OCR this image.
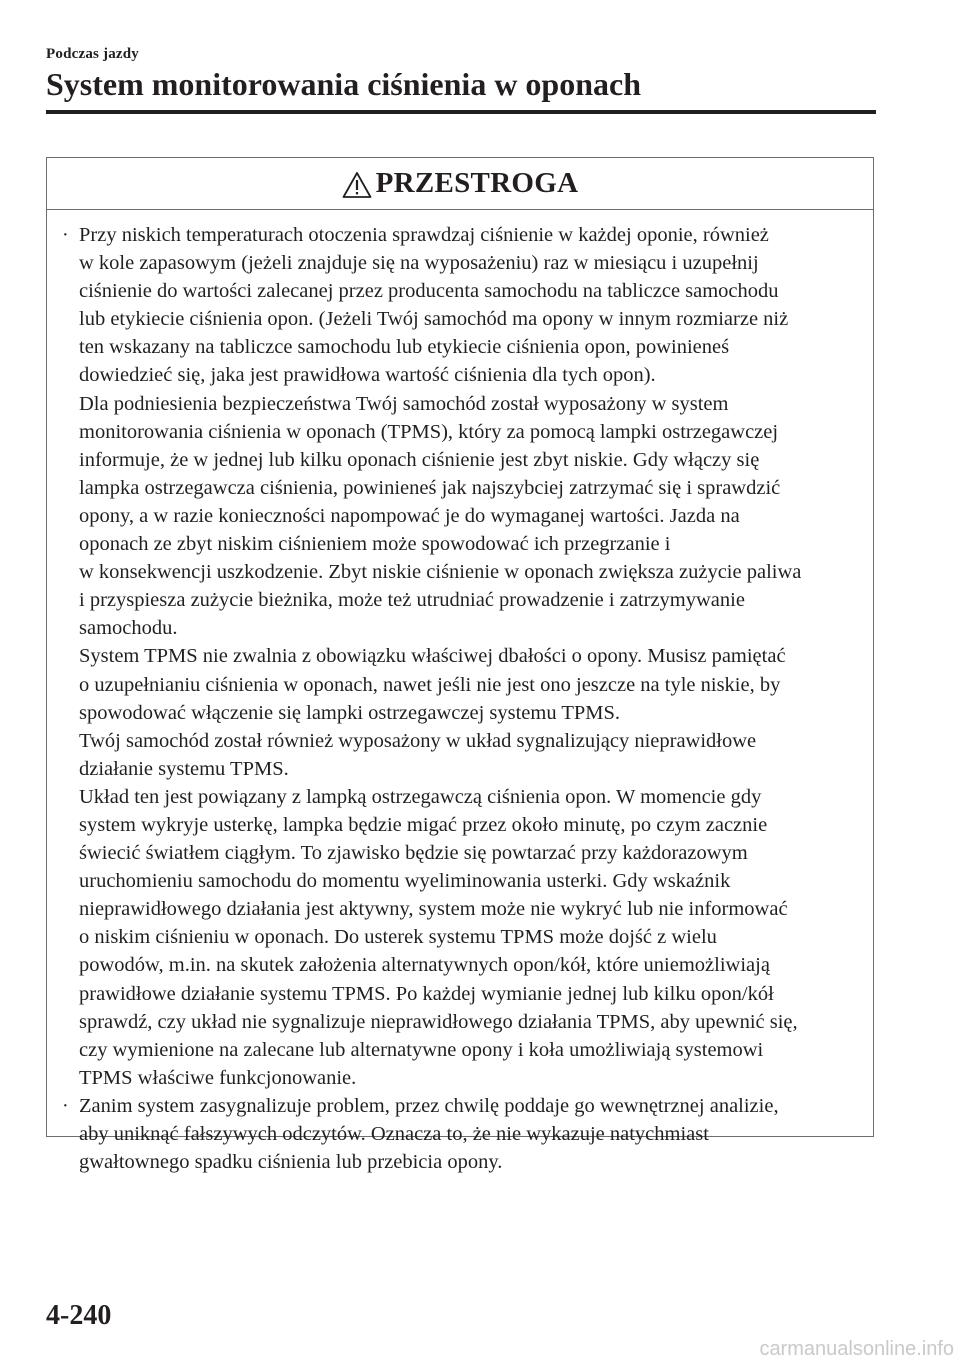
Podczas jazdy
System monitorowania ciśnienia w oponach
PRZESTROGA
· Przy niskich temperaturach otoczenia sprawdzaj ciśnienie w każdej oponie, również
w kole zapasowym (jeżeli znajduje się na wyposażeniu) raz w miesiącu i uzupełnij
ciśnienie do wartości zalecanej przez producenta samochodu na tabliczce samochodu
lub etykiecie ciśnienia opon. (Jeżeli Twój samochód ma opony w innym rozmiarze niż
ten wskazany na tabliczce samochodu lub etykiecie ciśnienia opon, powinieneś
dowiedzieć się, jaka jest prawidłowa wartość ciśnienia dla tych opon).
Dla podniesienia bezpieczeństwa Twój samochód został wyposażony w system
monitorowania ciśnienia w oponach (TPMS), który za pomocą lampki ostrzegawczej
informuje, że w jednej lub kilku oponach ciśnienie jest zbyt niskie. Gdy włączy się
lampka ostrzegawcza ciśnienia, powinieneś jak najszybciej zatrzymać się i sprawdzić
opony, a w razie konieczności napompować je do wymaganej wartości. Jazda na
oponach ze zbyt niskim ciśnieniem może spowodować ich przegrzanie i
w konsekwencji uszkodzenie. Zbyt niskie ciśnienie w oponach zwiększa zużycie paliwa
i przyspiesza zużycie bieżnika, może też utrudniać prowadzenie i zatrzymywanie
samochodu.
System TPMS nie zwalnia z obowiązku właściwej dbałości o opony. Musisz pamiętać
o uzupełnianiu ciśnienia w oponach, nawet jeśli nie jest ono jeszcze na tyle niskie, by
spowodować włączenie się lampki ostrzegawczej systemu TPMS.
Twój samochód został również wyposażony w układ sygnalizujący nieprawidłowe
działanie systemu TPMS.
Układ ten jest powiązany z lampką ostrzegawczą ciśnienia opon. W momencie gdy
system wykryje usterkę, lampka będzie migać przez około minutę, po czym zacznie
świecić światłem ciągłym. To zjawisko będzie się powtarzać przy każdorazowym
uruchomieniu samochodu do momentu wyeliminowania usterki. Gdy wskaźnik
nieprawidłowego działania jest aktywny, system może nie wykryć lub nie informować
o niskim ciśnieniu w oponach. Do usterek systemu TPMS może dojść z wielu
powodów, m.in. na skutek założenia alternatywnych opon/kół, które uniemożliwiają
prawidłowe działanie systemu TPMS. Po każdej wymianie jednej lub kilku opon/kół
sprawdź, czy układ nie sygnalizuje nieprawidłowego działania TPMS, aby upewnić się,
czy wymienione na zalecane lub alternatywne opony i koła umożliwiają systemowi
TPMS właściwe funkcjonowanie.
· Zanim system zasygnalizuje problem, przez chwilę poddaje go wewnętrznej analizie,
aby uniknąć fałszywych odczytów. Oznacza to, że nie wykazuje natychmiast
gwałtownego spadku ciśnienia lub przebicia opony.
4-240
carmanualsonline.info
